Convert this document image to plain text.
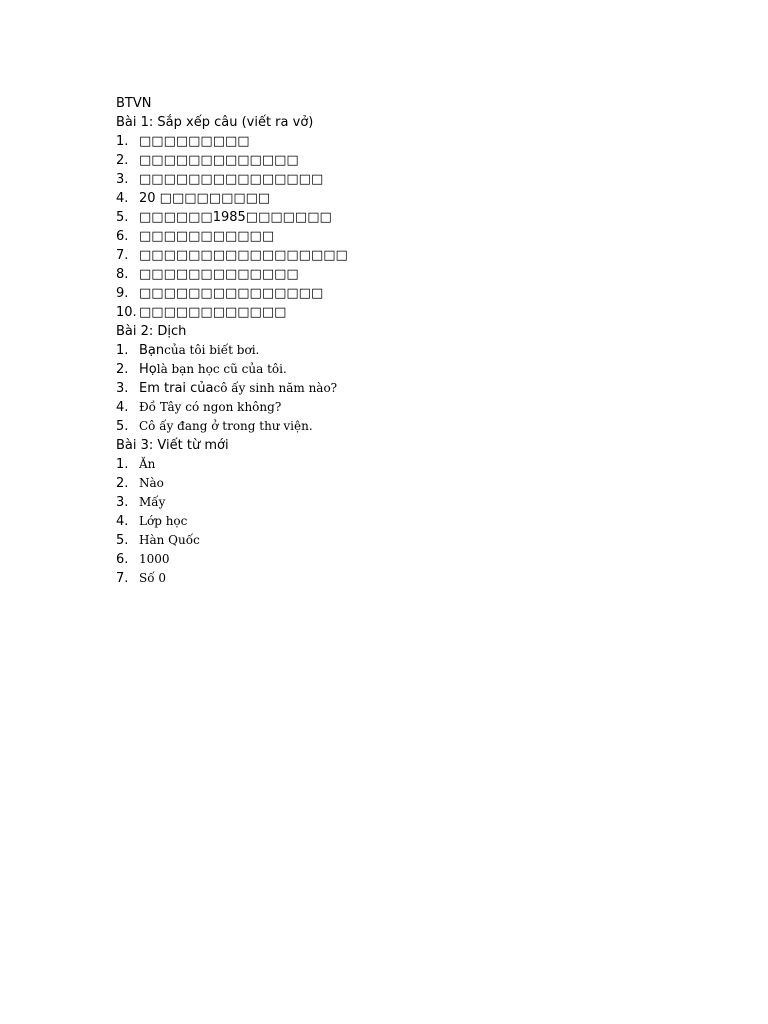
BTVN
Bài 1: Sắp xếp câu (viết ra vở)
1. □□□□□□□□□
2. □□□□□□□□□□□□□
3. □□□□□□□□□□□□□□□
4. 20 □□□□□□□□□
5. □□□□□□1985□□□□□□□
6. □□□□□□□□□□□
7. □□□□□□□□□□□□□□□□□
8. □□□□□□□□□□□□□
9. □□□□□□□□□□□□□□□
10. □□□□□□□□□□□□
Bài 2: Dịch
1. Bạn của tôi biết bơi.
2. Họ là bạn học cũ của tôi.
3. Em trai của cô ấy sinh năm nào?
4. Đồ Tây có ngon không?
5. Cô ấy đang ở trong thư viện.
Bài 3: Viết từ mới
1. Ăn
2. Nào
3. Mấy
4. Lớp học
5. Hàn Quốc
6. 1000
7. Số 0
